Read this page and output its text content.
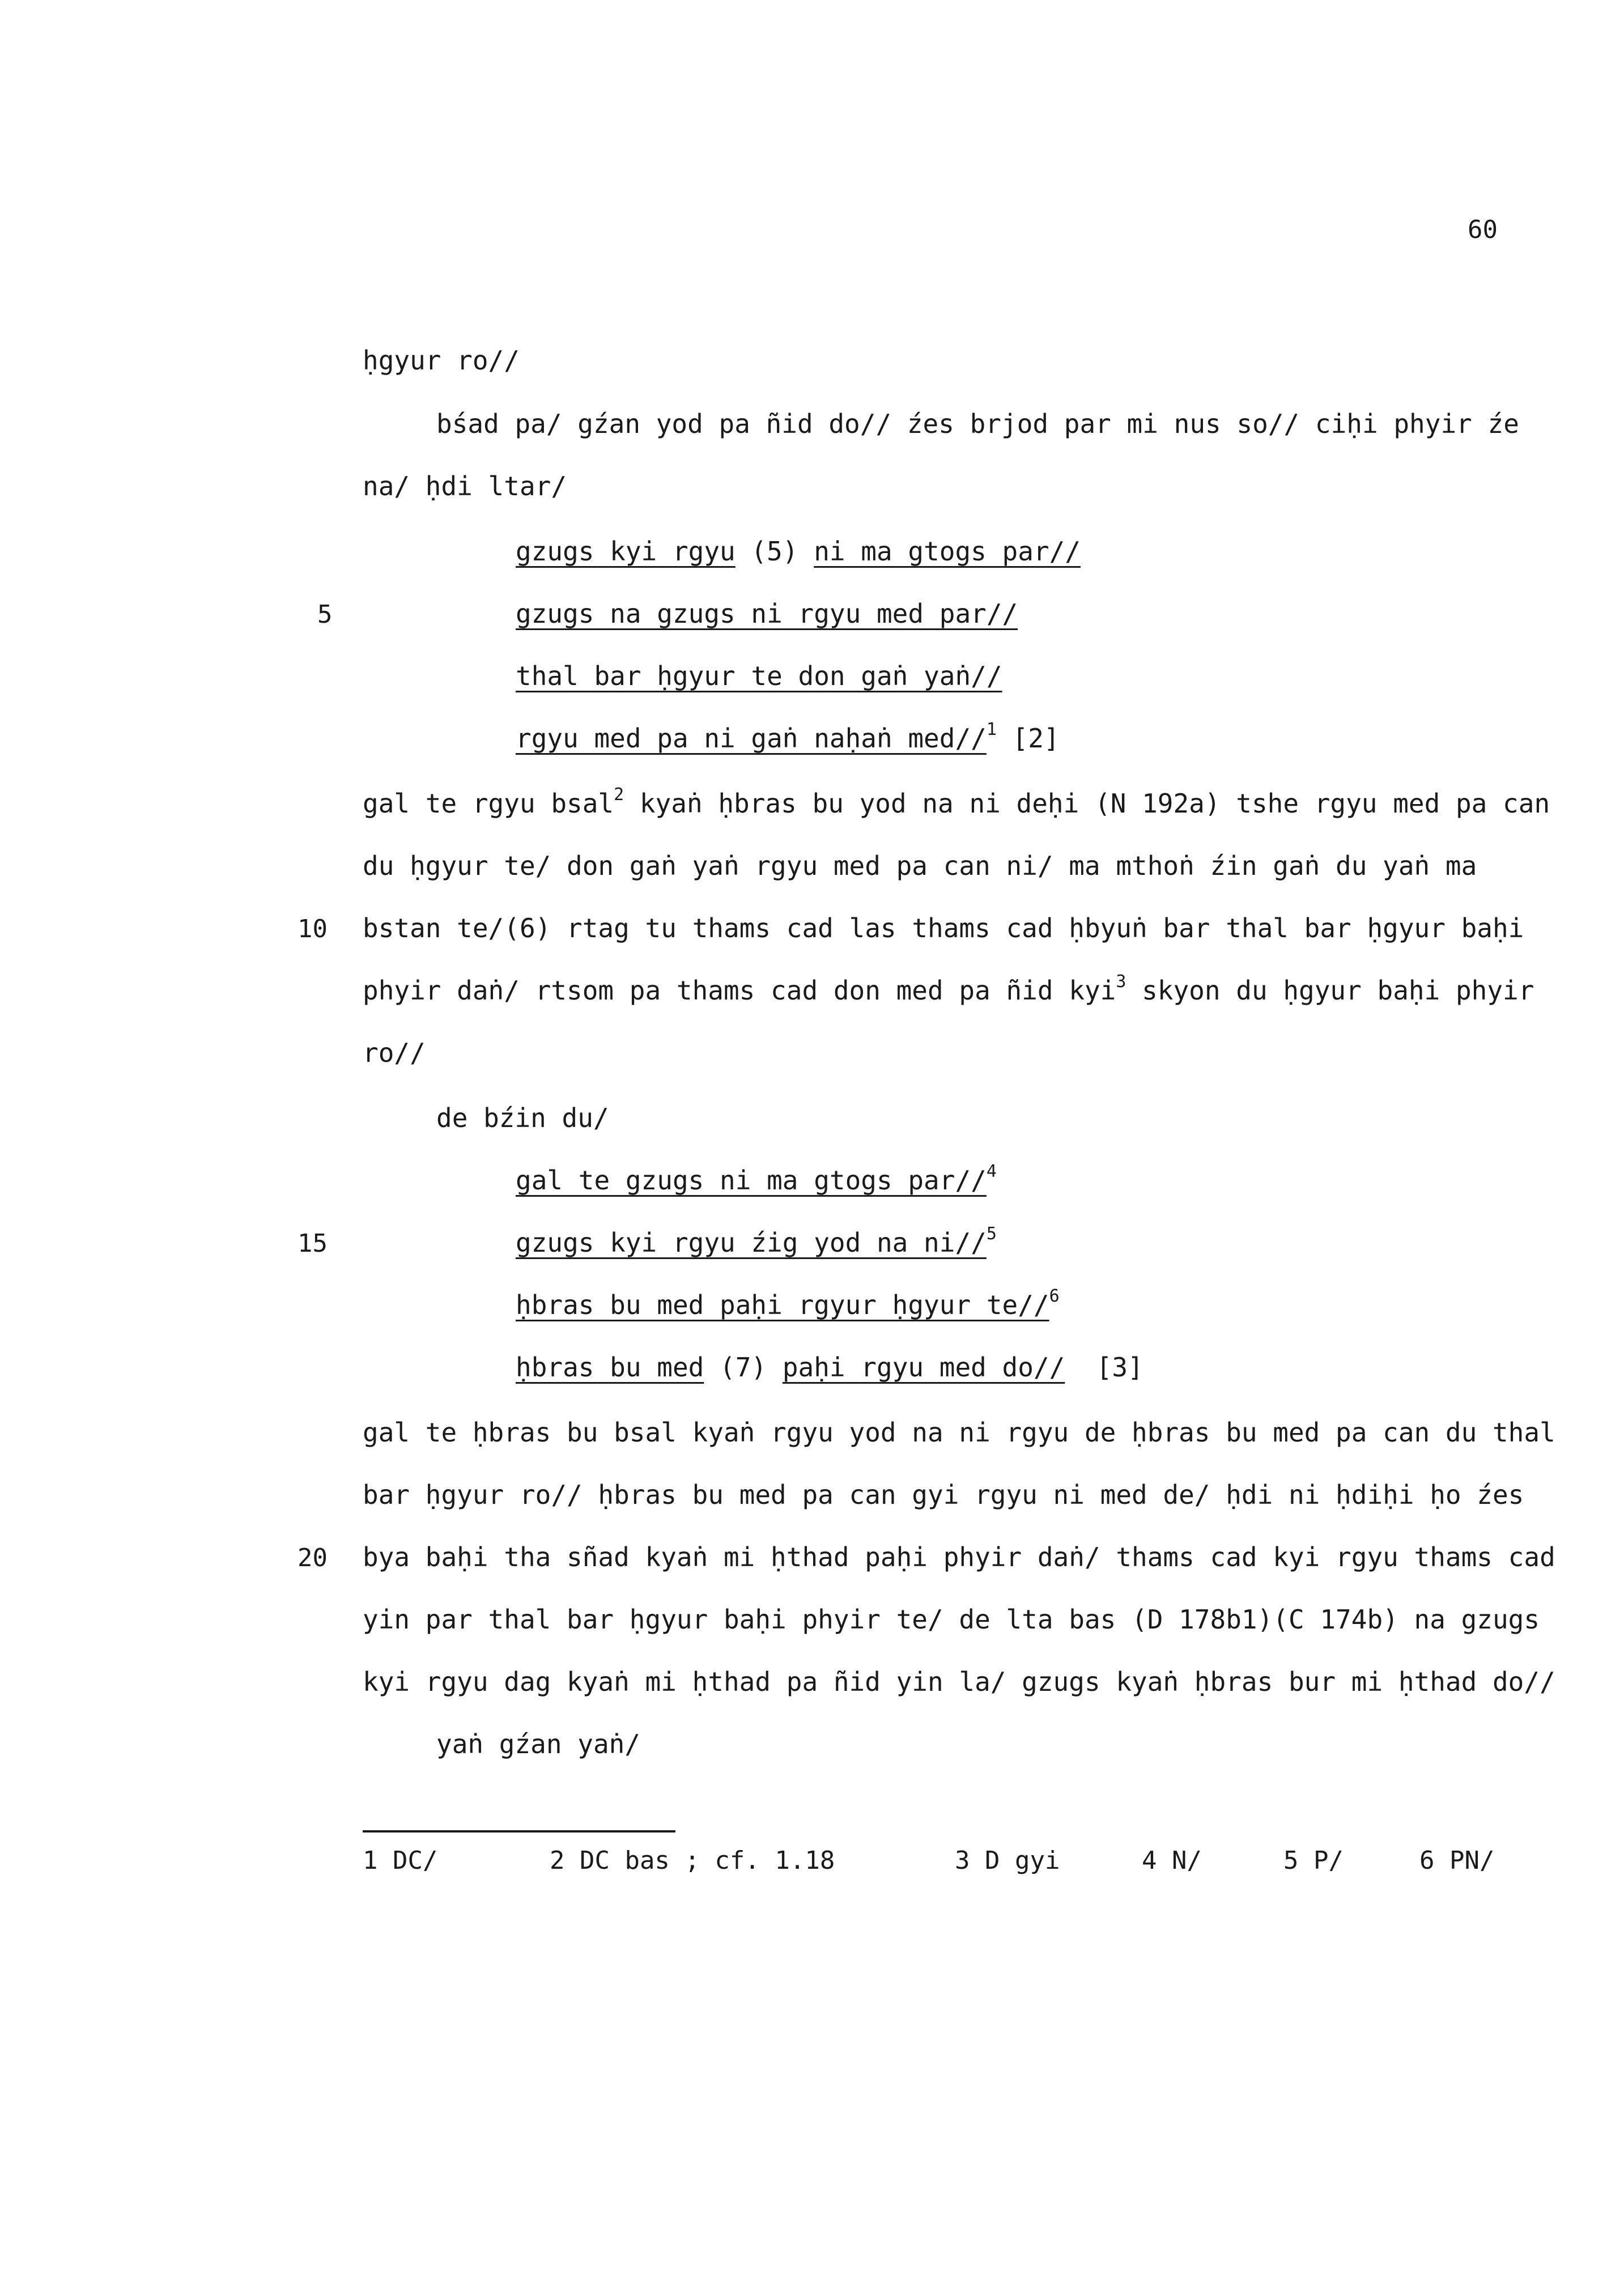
60
ḥgyur ro//
bśad pa/ gźan yod pa ñid do// źes brjod par mi nus so// ciḥi phyir źe
na/ ḥdi ltar/
gzugs kyi rgyu (5) ni ma gtogs par//
gzugs na gzugs ni rgyu med par//
5
thal bar ḥgyur te don gaṅ yaṅ//
rgyu med pa ni gaṅ naḥaṅ med//$^1$ [2]
gal te rgyu bsal$^2$ kyaṅ ḥbras bu yod na ni deḥi (N 192a) tshe rgyu med pa can
du ḥgyur te/ don gaṅ yaṅ rgyu med pa can ni/ ma mthoṅ źin gaṅ du yaṅ ma
bstan te/(6) rtag tu thams cad las thams cad ḥbyuṅ bar thal bar ḥgyur baḥi
10
phyir daṅ/ rtsom pa thams cad don med pa ñid kyi$^3$ skyon du ḥgyur baḥi phyir
ro//
de bźin du/
gal te gzugs ni ma gtogs par//$^4$
gzugs kyi rgyu źig yod na ni//$^5$
15
ḥbras bu med paḥi rgyur ḥgyur te//$^6$
ḥbras bu med (7) paḥi rgyu med do//  [3]
gal te ḥbras bu bsal kyaṅ rgyu yod na ni rgyu de ḥbras bu med pa can du thal
bar ḥgyur ro// ḥbras bu med pa can gyi rgyu ni med de/ ḥdi ni ḥdiḥi ḥo źes
bya baḥi tha sñad kyaṅ mi ḥthad paḥi phyir daṅ/ thams cad kyi rgyu thams cad
20
yin par thal bar ḥgyur baḥi phyir te/ de lta bas (D 178b1)(C 174b) na gzugs
kyi rgyu dag kyaṅ mi ḥthad pa ñid yin la/ gzugs kyaṅ ḥbras bur mi ḥthad do//
yaṅ gźan yaṅ/
1 DC/	2 DC bas ; cf. 1.18	3 D gyi	4 N/	5 P/	6 PN/
